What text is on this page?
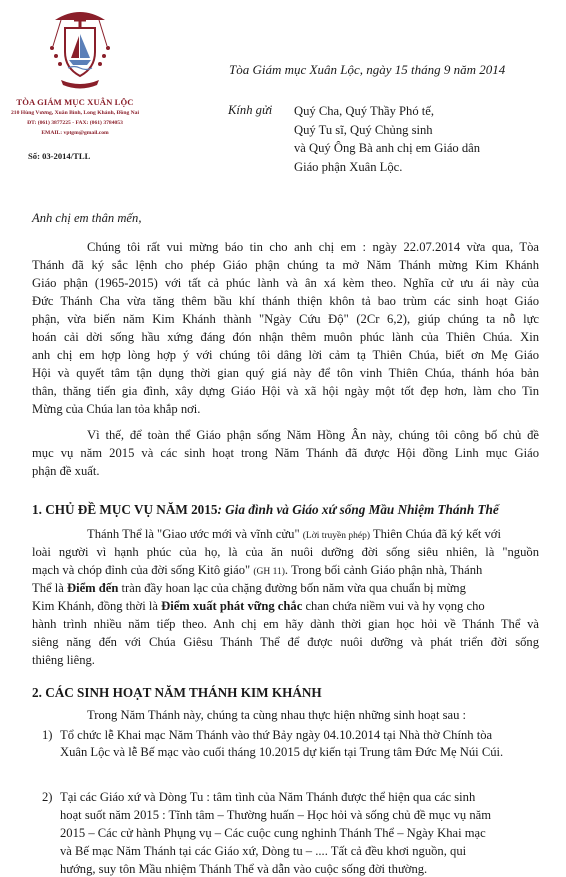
TÒA GIÁM MỤC XUÂN LỘC
210 Hùng Vương, Xuân Bình, Long Khánh, Đồng Nai
ĐT: (061) 3877225 - FAX: (061) 3784053
EMAIL: vptgm@gmail.com
Số: 03-2014/TLL
Tòa Giám mục Xuân Lộc, ngày 15 tháng 9 năm 2014
Kính gửi Quý Cha, Quý Thầy Phó tế,
Quý Tu sĩ, Quý Chủng sinh
và Quý Ông Bà anh chị em Giáo dân
Giáo phận Xuân Lộc.
Anh chị em thân mến,
Chúng tôi rất vui mừng báo tin cho anh chị em : ngày 22.07.2014 vừa qua, Tòa
Thánh đã ký sắc lệnh cho phép Giáo phận chúng ta mở Năm Thánh mừng Kim Khánh
Giáo phận (1965-2015) với tất cả phúc lành và ân xá kèm theo. Nghĩa cử ưu ái này của
Đức Thánh Cha vừa tăng thêm bầu khí thánh thiện khôn tả bao trùm các sinh hoạt Giáo
phận, vừa biến năm Kim Khánh thành "Ngày Cứu Độ" (2Cr 6,2), giúp chúng ta nỗ lực
hoán cải dời sống hầu xứng đáng đón nhận thêm muôn phúc lành của Thiên Chúa. Xin
anh chị em hợp lòng hợp ý với chúng tôi dâng lời cảm tạ Thiên Chúa, biết ơn Mẹ Giáo
Hội và quyết tâm tận dụng thời gian quý giá này để tôn vinh Thiên Chúa, thánh hóa bản
thân, thăng tiến gia đình, xây dựng Giáo Hội và xã hội ngày một tốt đẹp hơn, làm cho Tin
Mừng của Chúa lan tỏa khắp nơi.
Vì thế, để toàn thể Giáo phận sống Năm Hồng Ân này, chúng tôi công bố chủ đề
mục vụ năm 2015 và các sinh hoạt trong Năm Thánh đã được Hội đồng Linh mục Giáo
phận đề xuất.
1. CHỦ ĐỀ MỤC VỤ NĂM 2015: Gia đình và Giáo xứ sống Mầu Nhiệm Thánh Thể
Thánh Thể là "Giao ước mới và vĩnh cửu" (Lời truyền phép) Thiên Chúa đã ký kết với
loài người vì hạnh phúc của họ, là của ăn nuôi dưỡng đời sống siêu nhiên, là "nguồn
mạch và chóp đỉnh của đời sống Kitô giáo" (GH 11). Trong bối cảnh Giáo phận nhà, Thánh
Thể là Điểm đến tràn đầy hoan lạc của chặng đường bốn năm vừa qua chuẩn bị mừng
Kim Khánh, đồng thời là Điểm xuất phát vững chắc chan chứa niềm vui và hy vọng cho
hành trình nhiều năm tiếp theo. Anh chị em hãy dành thời gian học hỏi về Thánh Thể và
siêng năng đến với Chúa Giêsu Thánh Thể để được nuôi dưỡng và phát triển đời sống
thiêng liêng.
2. CÁC SINH HOẠT NĂM THÁNH KIM KHÁNH
Trong Năm Thánh này, chúng ta cùng nhau thực hiện những sinh hoạt sau :
1) Tổ chức lễ Khai mạc Năm Thánh vào thứ Bảy ngày 04.10.2014 tại Nhà thờ Chính tòa
Xuân Lộc và lễ Bế mạc vào cuối tháng 10.2015 dự kiến tại Trung tâm Đức Mẹ Núi Cúi.
2) Tại các Giáo xứ và Dòng Tu : tâm tình của Năm Thánh được thể hiện qua các sinh
hoạt suốt năm 2015 : Tĩnh tâm – Thường huấn – Học hỏi và sống chủ đề mục vụ năm
2015 – Các cử hành Phụng vụ – Các cuộc cung nghinh Thánh Thể – Ngày Khai mạc
và Bế mạc Năm Thánh tại các Giáo xứ, Dòng tu – .... Tất cả đều khơi nguồn, qui
hướng, suy tôn Mầu nhiệm Thánh Thể và dẫn vào cuộc sống đời thường.
